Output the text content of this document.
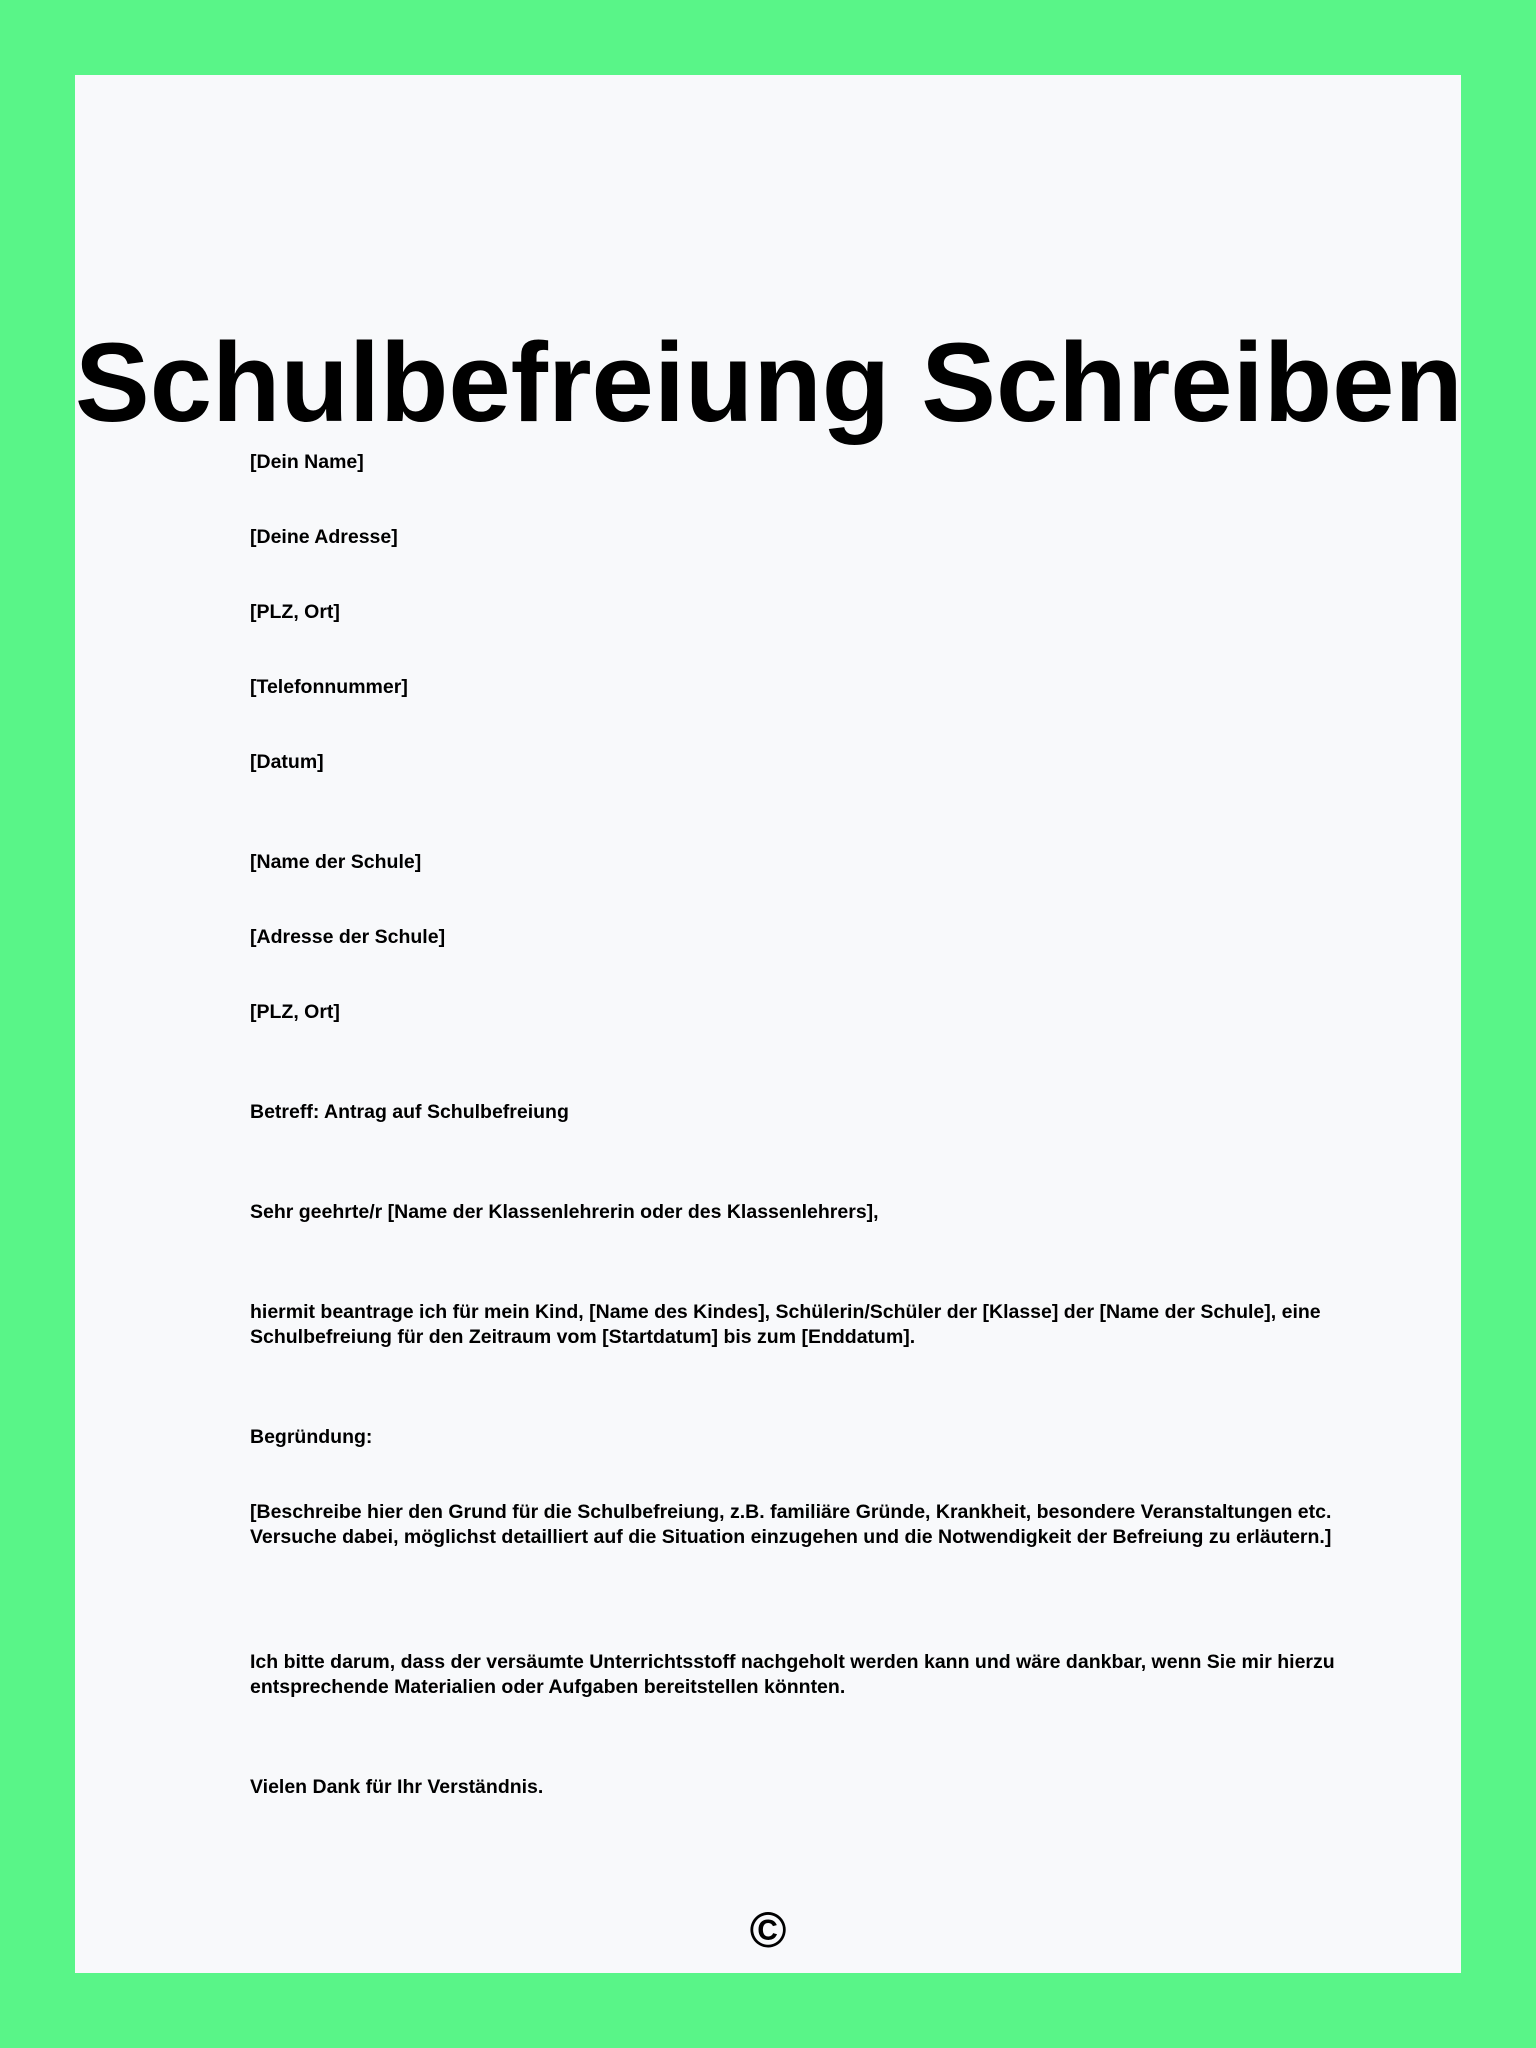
Schulbefreiung Schreiben

[Dein Name]

[Deine Adresse]

[PLZ, Ort]

[Telefonnummer]

[Datum]

[Name der Schule]

[Adresse der Schule]

[PLZ, Ort]

Betreff: Antrag auf Schulbefreiung

Sehr geehrte/r [Name der Klassenlehrerin oder des Klassenlehrers],

hiermit beantrage ich für mein Kind, [Name des Kindes], Schülerin/Schüler der [Klasse] der [Name der Schule], eine Schulbefreiung für den Zeitraum vom [Startdatum] bis zum [Enddatum].

Begründung:

[Beschreibe hier den Grund für die Schulbefreiung, z.B. familiäre Gründe, Krankheit, besondere Veranstaltungen etc. Versuche dabei, möglichst detailliert auf die Situation einzugehen und die Notwendigkeit der Befreiung zu erläutern.]

Ich bitte darum, dass der versäumte Unterrichtsstoff nachgeholt werden kann und wäre dankbar, wenn Sie mir hierzu entsprechende Materialien oder Aufgaben bereitstellen könnten.

Vielen Dank für Ihr Verständnis.

©
